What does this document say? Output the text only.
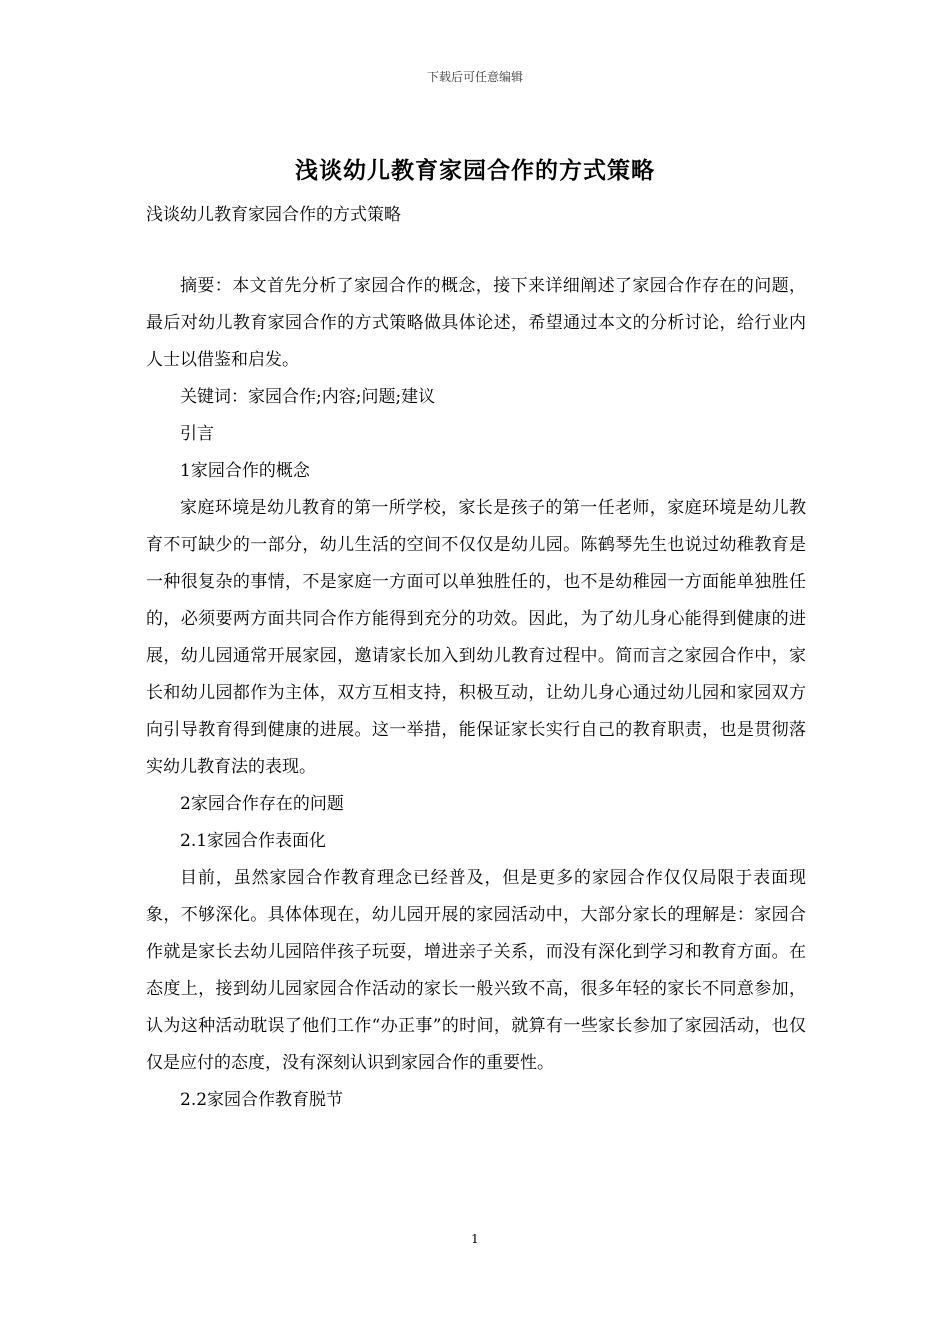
下载后可任意编辑
浅谈幼儿教育家园合作的方式策略
浅谈幼儿教育家园合作的方式策略

摘要：本文首先分析了家园合作的概念，接下来详细阐述了家园合作存在的问题，最后对幼儿教育家园合作的方式策略做具体论述，希望通过本文的分析讨论，给行业内人士以借鉴和启发。

关键词：家园合作;内容;问题;建议

引言

1家园合作的概念

家庭环境是幼儿教育的第一所学校，家长是孩子的第一任老师，家庭环境是幼儿教育不可缺少的一部分，幼儿生活的空间不仅仅是幼儿园。陈鹤琴先生也说过幼稚教育是一种很复杂的事情，不是家庭一方面可以单独胜任的，也不是幼稚园一方面能单独胜任的，必须要两方面共同合作方能得到充分的功效。因此，为了幼儿身心能得到健康的进展，幼儿园通常开展家园，邀请家长加入到幼儿教育过程中。简而言之家园合作中，家长和幼儿园都作为主体，双方互相支持，积极互动，让幼儿身心通过幼儿园和家园双方向引导教育得到健康的进展。这一举措，能保证家长实行自己的教育职责，也是贯彻落实幼儿教育法的表现。

2家园合作存在的问题

2.1家园合作表面化

目前，虽然家园合作教育理念已经普及，但是更多的家园合作仅仅局限于表面现象，不够深化。具体体现在，幼儿园开展的家园活动中，大部分家长的理解是：家园合作就是家长去幼儿园陪伴孩子玩耍，增进亲子关系，而没有深化到学习和教育方面。在态度上，接到幼儿园家园合作活动的家长一般兴致不高，很多年轻的家长不同意参加，认为这种活动耽误了他们工作“办正事”的时间，就算有一些家长参加了家园活动，也仅仅是应付的态度，没有深刻认识到家园合作的重要性。

2.2家园合作教育脱节

1
